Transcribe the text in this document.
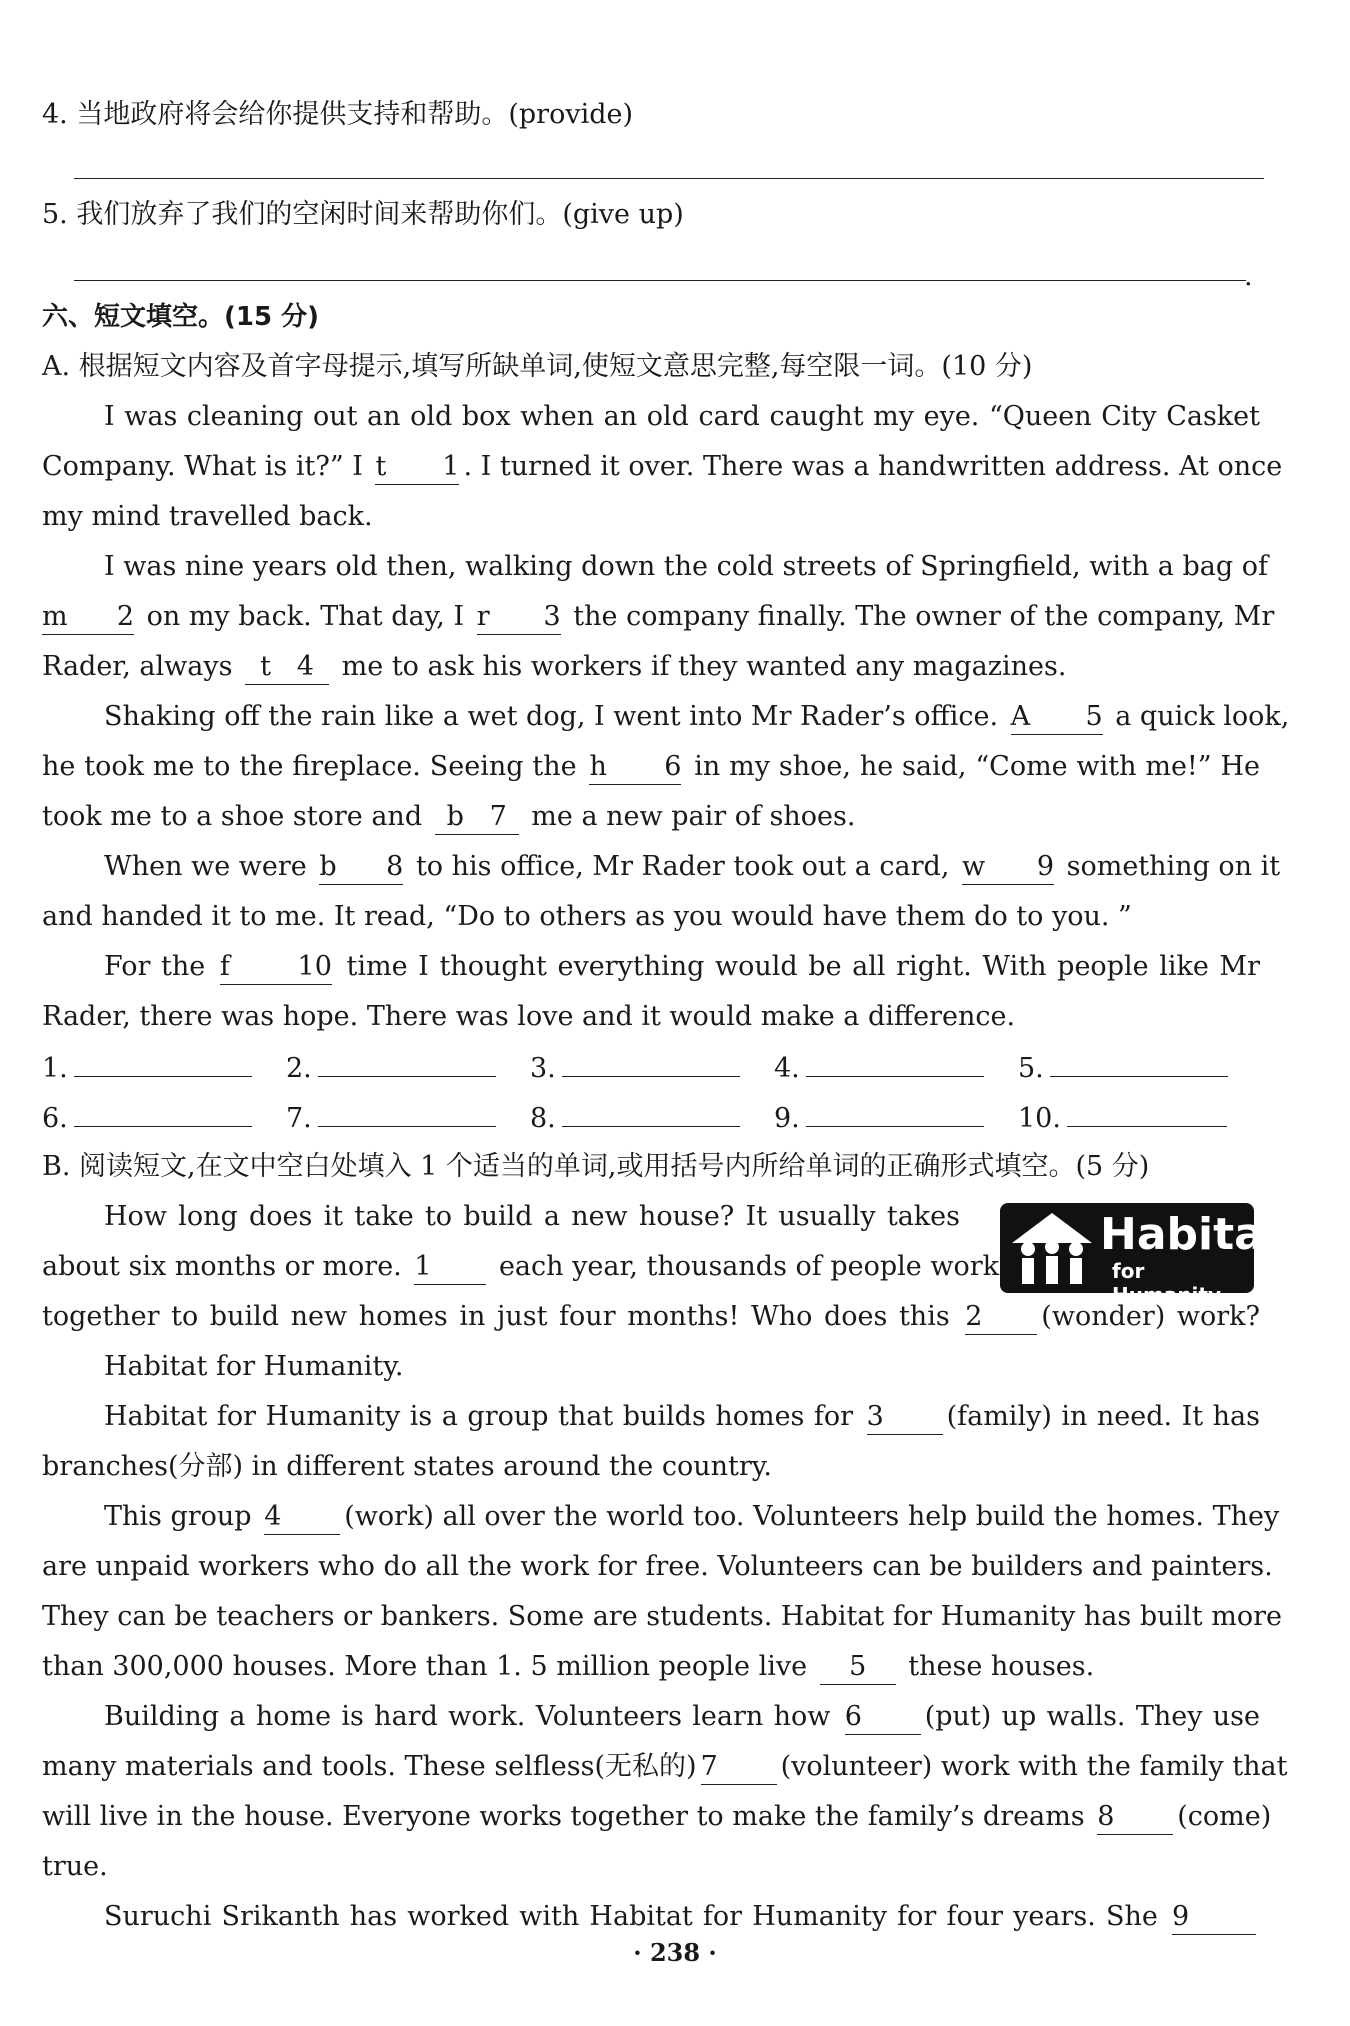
4. 当地政府将会给你提供支持和帮助。(provide)
5. 我们放弃了我们的空闲时间来帮助你们。(give up)
.
六、短文填空。(15 分)
A. 根据短文内容及首字母提示,填写所缺单词,使短文意思完整,每空限一词。(10 分)
I was cleaning out an old box when an old card caught my eye. “Queen City Casket
Company. What is it?” I t 1 . I turned it over. There was a handwritten address. At once
my mind travelled back.
I was nine years old then, walking down the cold streets of Springfield, with a bag of
m 2 on my back. That day, I r 3 the company finally. The owner of the company, Mr
Rader, always t 4 me to ask his workers if they wanted any magazines.
Shaking off the rain like a wet dog, I went into Mr Rader’s office. A 5 a quick look,
he took me to the fireplace. Seeing the h 6 in my shoe, he said, “Come with me!” He
took me to a shoe store and b 7 me a new pair of shoes.
When we were b 8 to his office, Mr Rader took out a card, w 9 something on it
and handed it to me. It read, “Do to others as you would have them do to you. ”
For the f	10 time I thought everything would be all right. With people like Mr
Rader, there was hope. There was love and it would make a difference.
1.	2.	3.	4.	5.
6.	7.	8.	9.	10.
B. 阅读短文,在文中空白处填入 1 个适当的单词,或用括号内所给单词的正确形式填空。(5 分)
Habitat
for Humanity
How long does it take to build a new house? It usually takes
about six months or more. 1 each year, thousands of people work
together to build new homes in just four months! Who does this 2 (wonder) work?
Habitat for Humanity.
Habitat for Humanity is a group that builds homes for 3 (family) in need. It has
branches(分部) in different states around the country.
This group 4 (work) all over the world too. Volunteers help build the homes. They
are unpaid workers who do all the work for free. Volunteers can be builders and painters.
They can be teachers or bankers. Some are students. Habitat for Humanity has built more
than 300,000 houses. More than 1. 5 million people live 5 these houses.
Building a home is hard work. Volunteers learn how 6 (put) up walls. They use
many materials and tools. These selfless(无私的) 7 (volunteer) work with the family that
will live in the house. Everyone works together to make the family’s dreams 8 (come)
true.
Suruchi Srikanth has worked with Habitat for Humanity for four years. She 9
· 238 ·
